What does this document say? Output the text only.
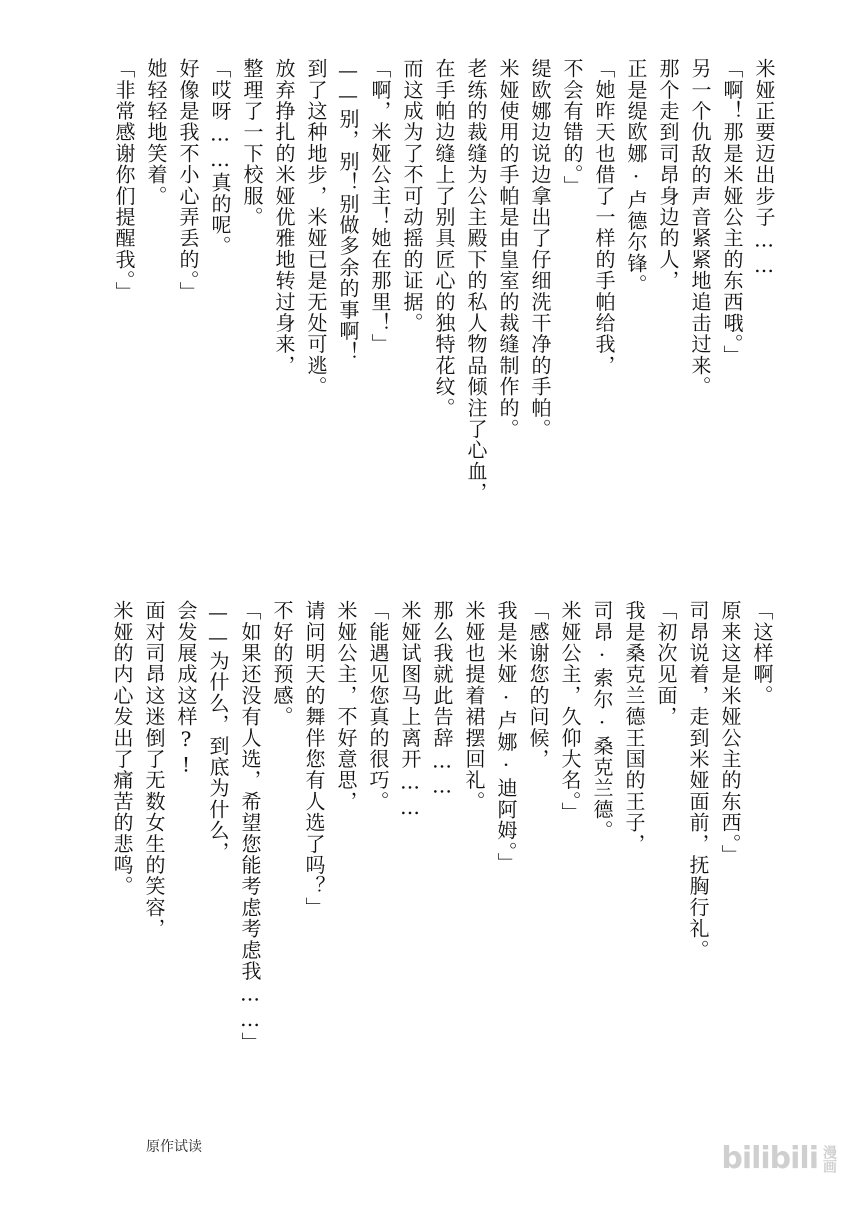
米娅正要迈出步子……
「啊！那是米娅公主的东西哦。」
另一个仇敌的声音紧紧地追击过来。
那个走到司昂身边的人，
正是缇欧娜·卢德尔锋。
「她昨天也借了一样的手帕给我，
不会有错的。」
缇欧娜边说边拿出了仔细洗干净的手帕。
米娅使用的手帕是由皇室的裁缝制作的。
老练的裁缝为公主殿下的私人物品倾注了心血，
在手帕边缝上了别具匠心的独特花纹。
而这成为了不可动摇的证据。
「啊，米娅公主！她在那里！」
——别，别！别做多余的事啊！
到了这种地步，米娅已是无处可逃。
放弃挣扎的米娅优雅地转过身来，
整理了一下校服。
「哎呀……真的呢。
好像是我不小心弄丢的。」
她轻轻地笑着。
「非常感谢你们提醒我。」
「这样啊。
原来这是米娅公主的东西。」
司昂说着，走到米娅面前，抚胸行礼。
「初次见面，
我是桑克兰德王国的王子，
司昂·索尔·桑克兰德。
米娅公主，久仰大名。」
「感谢您的问候，
我是米娅·卢娜·迪阿姆。」
米娅也提着裙摆回礼。
那么我就此告辞……
米娅试图马上离开……
「能遇见您真的很巧。
米娅公主，不好意思，
请问明天的舞伴您有人选了吗？」
不好的预感。
「如果还没有人选，希望您能考虑考虑我……」
——为什么，到底为什么，
会发展成这样?!
面对司昂这迷倒了无数女生的笑容，
米娅的内心发出了痛苦的悲鸣。
原作试读	bilibili 漫画
